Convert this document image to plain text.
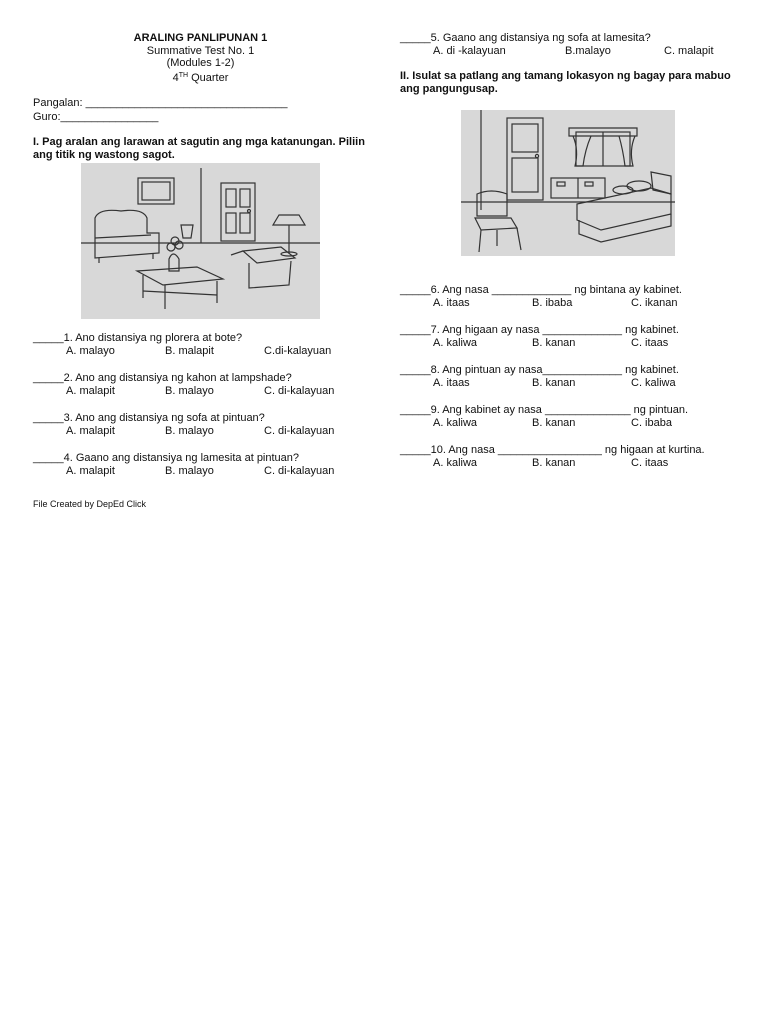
ARALING PANLIPUNAN 1
Summative Test No. 1
(Modules 1-2)
4TH Quarter
Pangalan: _________________________________
Guro:________________
I. Pag aralan ang larawan at sagutin ang mga katanungan. Piliin ang titik ng wastong sagot.
_____1. Ano distansiya ng plorera at bote?
A. malayo	B. malapit	C.di-kalayuan
_____2. Ano ang distansiya ng kahon at lampshade?
A. malapit	B. malayo	C. di-kalayuan
_____3. Ano ang distansiya ng sofa at pintuan?
A. malapit	B. malayo	C. di-kalayuan
_____4. Gaano ang distansiya ng lamesita at pintuan?
A. malapit	B. malayo	C. di-kalayuan
_____5. Gaano ang distansiya ng sofa at lamesita?
A. di -kalayuan	B.malayo	C. malapit
II. Isulat sa patlang ang tamang lokasyon ng bagay para mabuo ang pangungusap.
_____6. Ang nasa _____________ ng bintana ay kabinet.
A. itaas	B. ibaba	C. ikanan
_____7. Ang higaan ay nasa _____________ ng kabinet.
A. kaliwa	B. kanan	C. itaas
_____8. Ang pintuan ay nasa_____________ ng kabinet.
A. itaas	B. kanan	C. kaliwa
_____9. Ang kabinet ay nasa ______________ ng pintuan.
A. kaliwa	B. kanan	C. ibaba
_____10. Ang nasa _________________ ng higaan at kurtina.
A. kaliwa	B. kanan	C. itaas
File Created by DepEd Click
